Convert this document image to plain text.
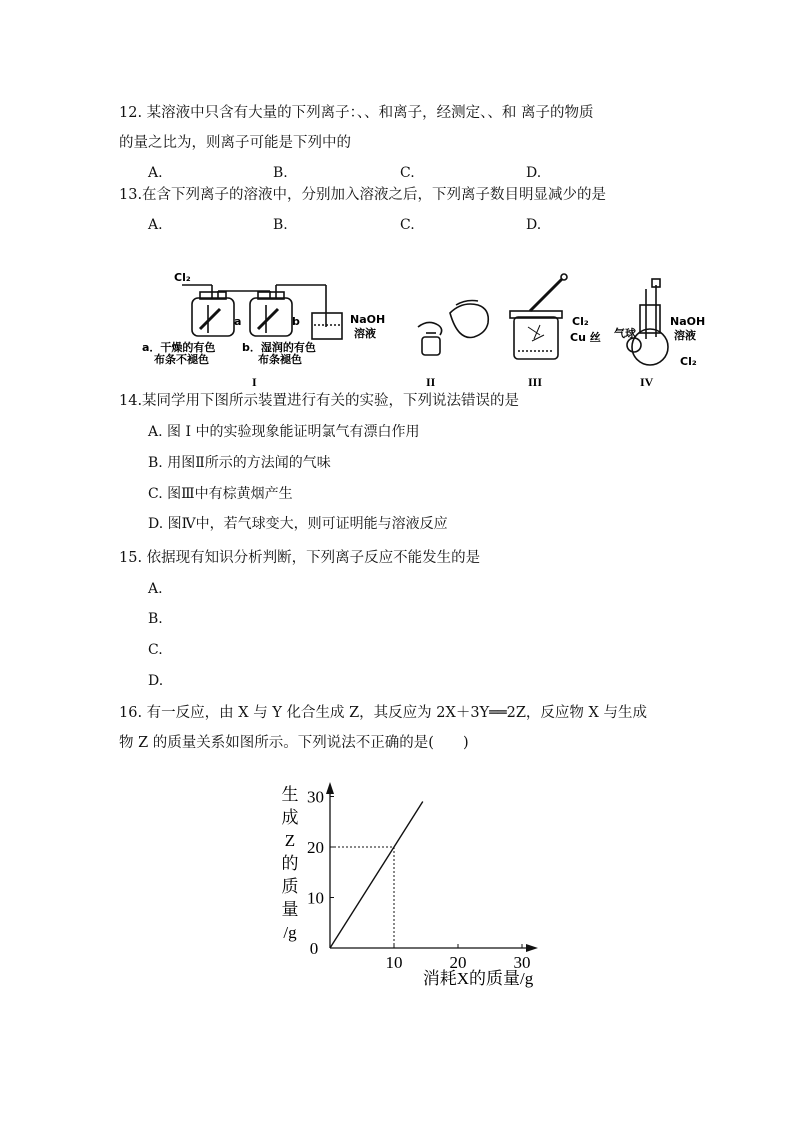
12. 某溶液中只含有大量的下列离子：、、和离子，经测定、、和 离子的物质
的量之比为，则离子可能是下列中的
A.	B.	C.	D.
13.在含下列离子的溶液中，分别加入溶液之后，下列离子数目明显减少的是
A.	B.	C.	D.
Cl₂
a	b	NaOH
溶液
a．干燥的有色
布条不褪色
b．湿润的有色
布条褪色
I	II
Cl₂
Cu 丝
III
气球
NaOH
溶液
Cl₂
IV
14.某同学用下图所示装置进行有关的实验，下列说法错误的是
A. 图 I 中的实验现象能证明氯气有漂白作用
B. 用图Ⅱ所示的方法闻的气味
C. 图Ⅲ中有棕黄烟产生
D. 图Ⅳ中，若气球变大，则可证明能与溶液反应
15. 依据现有知识分析判断，下列离子反应不能发生的是
A.
B.
C.
D.
16. 有一反应，由 X 与 Y 化合生成 Z，其反应为 2X＋3Y══2Z，反应物 X 与生成
物 Z 的质量关系如图所示。下列说法不正确的是(　　)
生
成
Z
的
质
量
/g
10	20	30
10
20
30
0
消耗X的质量/g
